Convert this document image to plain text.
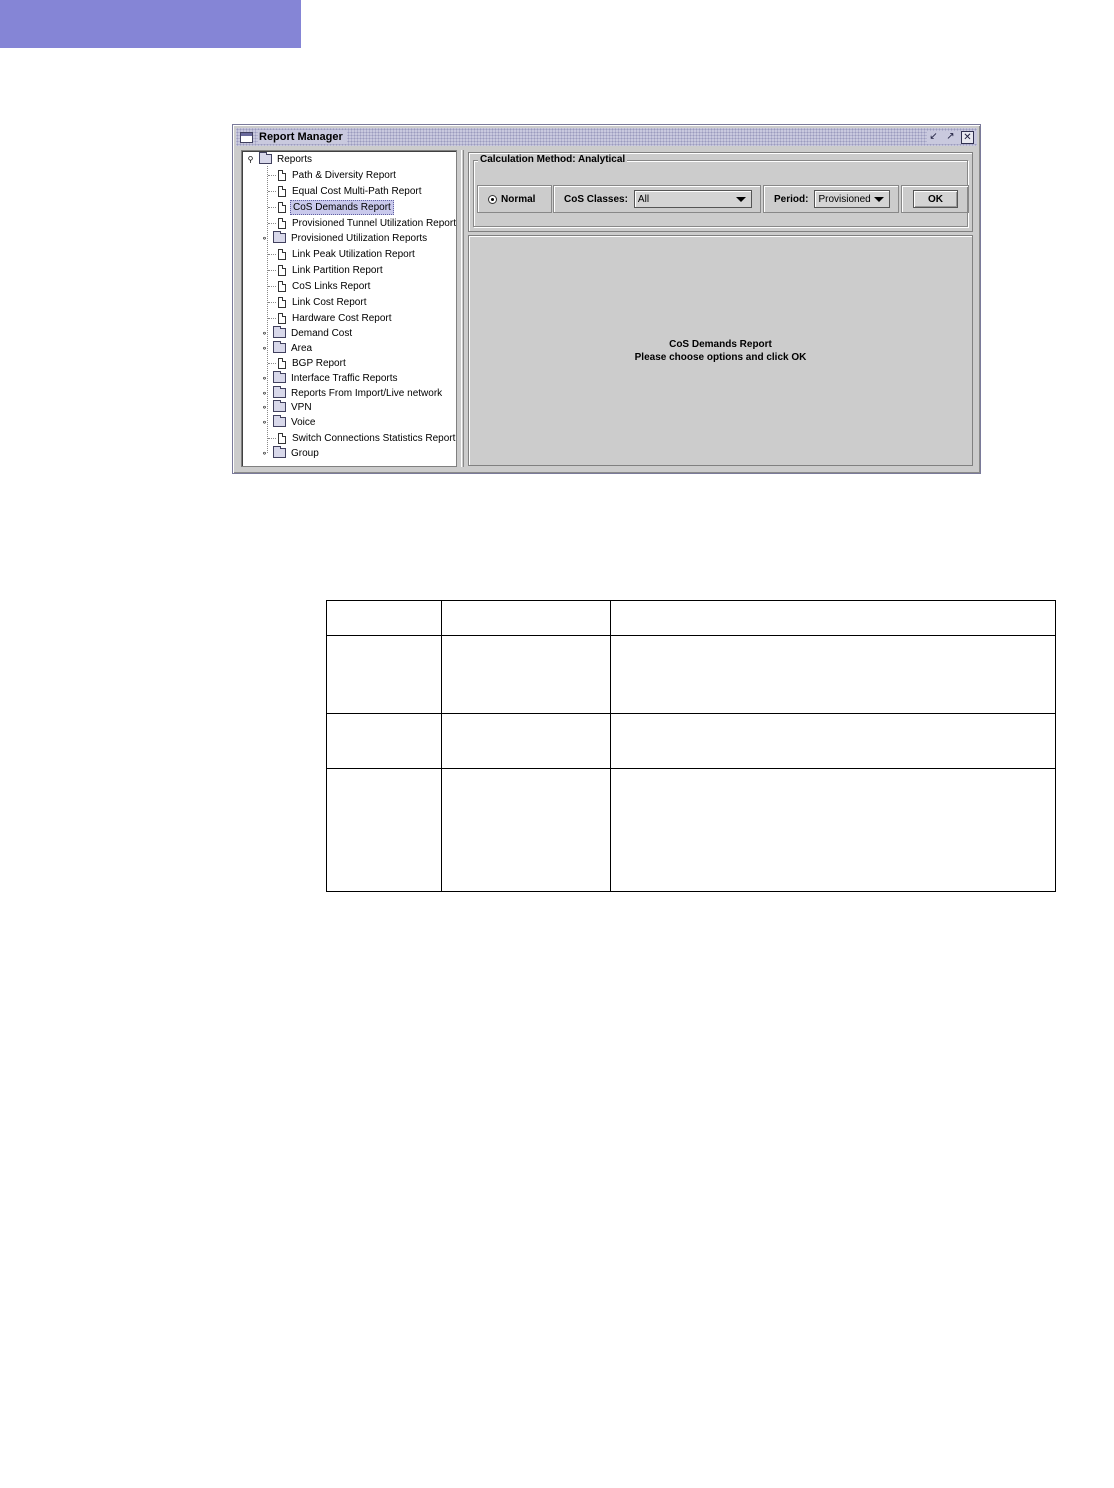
Report Manager	↙ ↗ ✕
⚲ Reports
Path & Diversity Report
Equal Cost Multi-Path Report
CoS Demands Report
Provisioned Tunnel Utilization Report
⚬ Provisioned Utilization Reports
Link Peak Utilization Report
Link Partition Report
CoS Links Report
Link Cost Report
Hardware Cost Report
⚬ Demand Cost
⚬ Area
BGP Report
⚬ Interface Traffic Reports
⚬ Reports From Import/Live network
⚬ VPN
⚬ Voice
Switch Connections Statistics Report
⚬ Group
Calculation Method: Analytical
Normal	CoS Classes: All	Period: Provisioned	OK
CoS Demands Report
Please choose options and click OK
